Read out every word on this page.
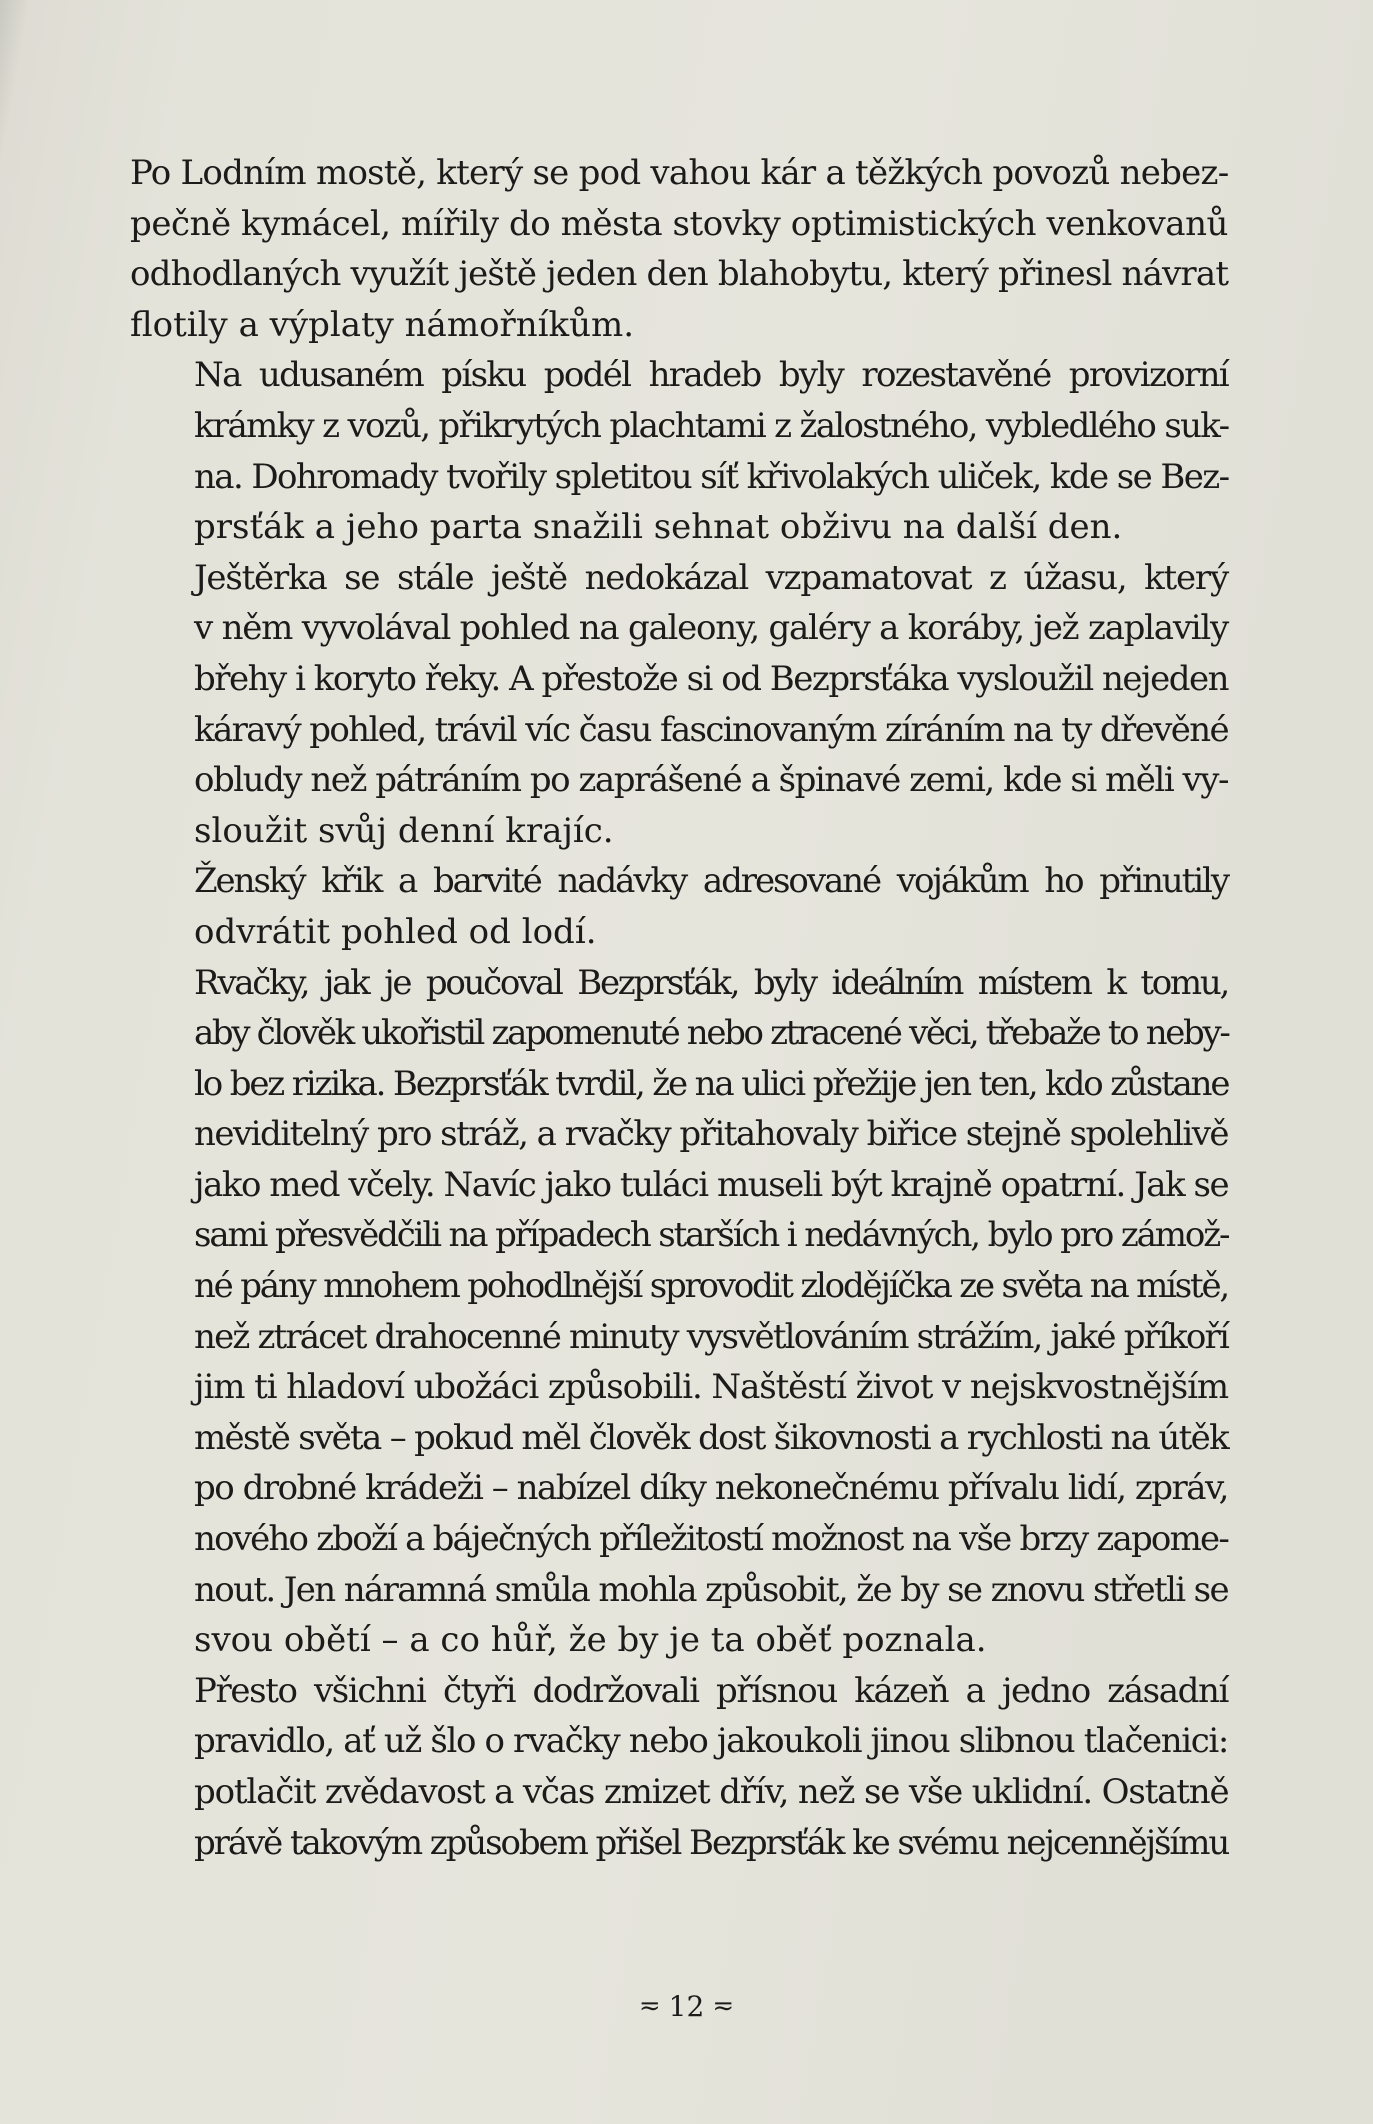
Po Lodním mostě, který se pod vahou kár a těžkých povozů nebez-
pečně kymácel, mířily do města stovky optimistických venkovanů
odhodlaných využít ještě jeden den blahobytu, který přinesl návrat
flotily a výplaty námořníkům.

Na udusaném písku podél hradeb byly rozestavěné provizorní
krámky z vozů, přikrytých plachtami z žalostného, vybledlého suk-
na. Dohromady tvořily spletitou síť křivolakých uliček, kde se Bez-
prsťák a jeho parta snažili sehnat obživu na další den.

Ještěrka se stále ještě nedokázal vzpamatovat z úžasu, který
v něm vyvolával pohled na galeony, galéry a koráby, jež zaplavily
břehy i koryto řeky. A přestože si od Bezprsťáka vysloužil nejeden
káravý pohled, trávil víc času fascinovaným zíráním na ty dřevěné
obludy než pátráním po zaprášené a špinavé zemi, kde si měli vy-
sloužit svůj denní krajíc.

Ženský křik a barvité nadávky adresované vojákům ho přinutily
odvrátit pohled od lodí.

Rvačky, jak je poučoval Bezprsťák, byly ideálním místem k tomu,
aby člověk ukořistil zapomenuté nebo ztracené věci, třebaže to neby-
lo bez rizika. Bezprsťák tvrdil, že na ulici přežije jen ten, kdo zůstane
neviditelný pro stráž, a rvačky přitahovaly biřice stejně spolehlivě
jako med včely. Navíc jako tuláci museli být krajně opatrní. Jak se
sami přesvědčili na případech starších i nedávných, bylo pro zámož-
né pány mnohem pohodlnější sprovodit zlodějíčka ze světa na místě,
než ztrácet drahocenné minuty vysvětlováním strážím, jaké příkoří
jim ti hladoví ubožáci způsobili. Naštěstí život v nejskvostnějším
městě světa – pokud měl člověk dost šikovnosti a rychlosti na útěk
po drobné krádeži – nabízel díky nekonečnému přívalu lidí, zpráv,
nového zboží a báječných příležitostí možnost na vše brzy zapome-
nout. Jen náramná smůla mohla způsobit, že by se znovu střetli se
svou obětí – a co hůř, že by je ta oběť poznala.

Přesto všichni čtyři dodržovali přísnou kázeň a jedno zásadní
pravidlo, ať už šlo o rvačky nebo jakoukoli jinou slibnou tlačenici:
potlačit zvědavost a včas zmizet dřív, než se vše uklidní. Ostatně
právě takovým způsobem přišel Bezprsťák ke svému nejcennějšímu

≂ 12 ≂
